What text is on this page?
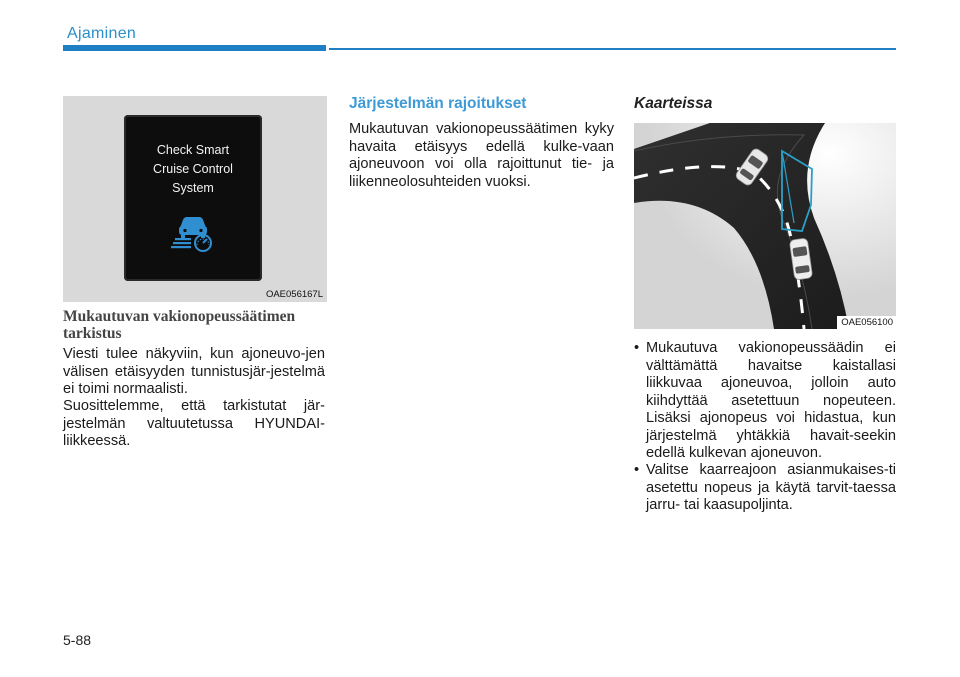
Ajaminen
Check Smart
Cruise Control
System
OAE056167L
Mukautuvan vakionopeussäätimen tarkistus
Viesti tulee näkyviin, kun ajoneuvo-jen välisen etäisyyden tunnistusjär-jestelmä ei toimi normaalisti.
Suosittelemme, että tarkistutat jär-jestelmän valtuutetussa HYUNDAI-liikkeessä.
Järjestelmän rajoitukset
Mukautuvan vakionopeussäätimen kyky havaita etäisyys edellä kulke-vaan ajoneuvoon voi olla rajoittunut tie- ja liikenneolosuhteiden vuoksi.
Kaarteissa
OAE056100
• Mukautuva vakionopeussäädin ei välttämättä havaitse kaistallasi liikkuvaa ajoneuvoa, jolloin auto kiihdyttää asetettuun nopeuteen. Lisäksi ajonopeus voi hidastua, kun järjestelmä yhtäkkiä havait-seekin edellä kulkevan ajoneuvon.
• Valitse kaarreajoon asianmukaises-ti asetettu nopeus ja käytä tarvit-taessa jarru- tai kaasupoljinta.
5-88
